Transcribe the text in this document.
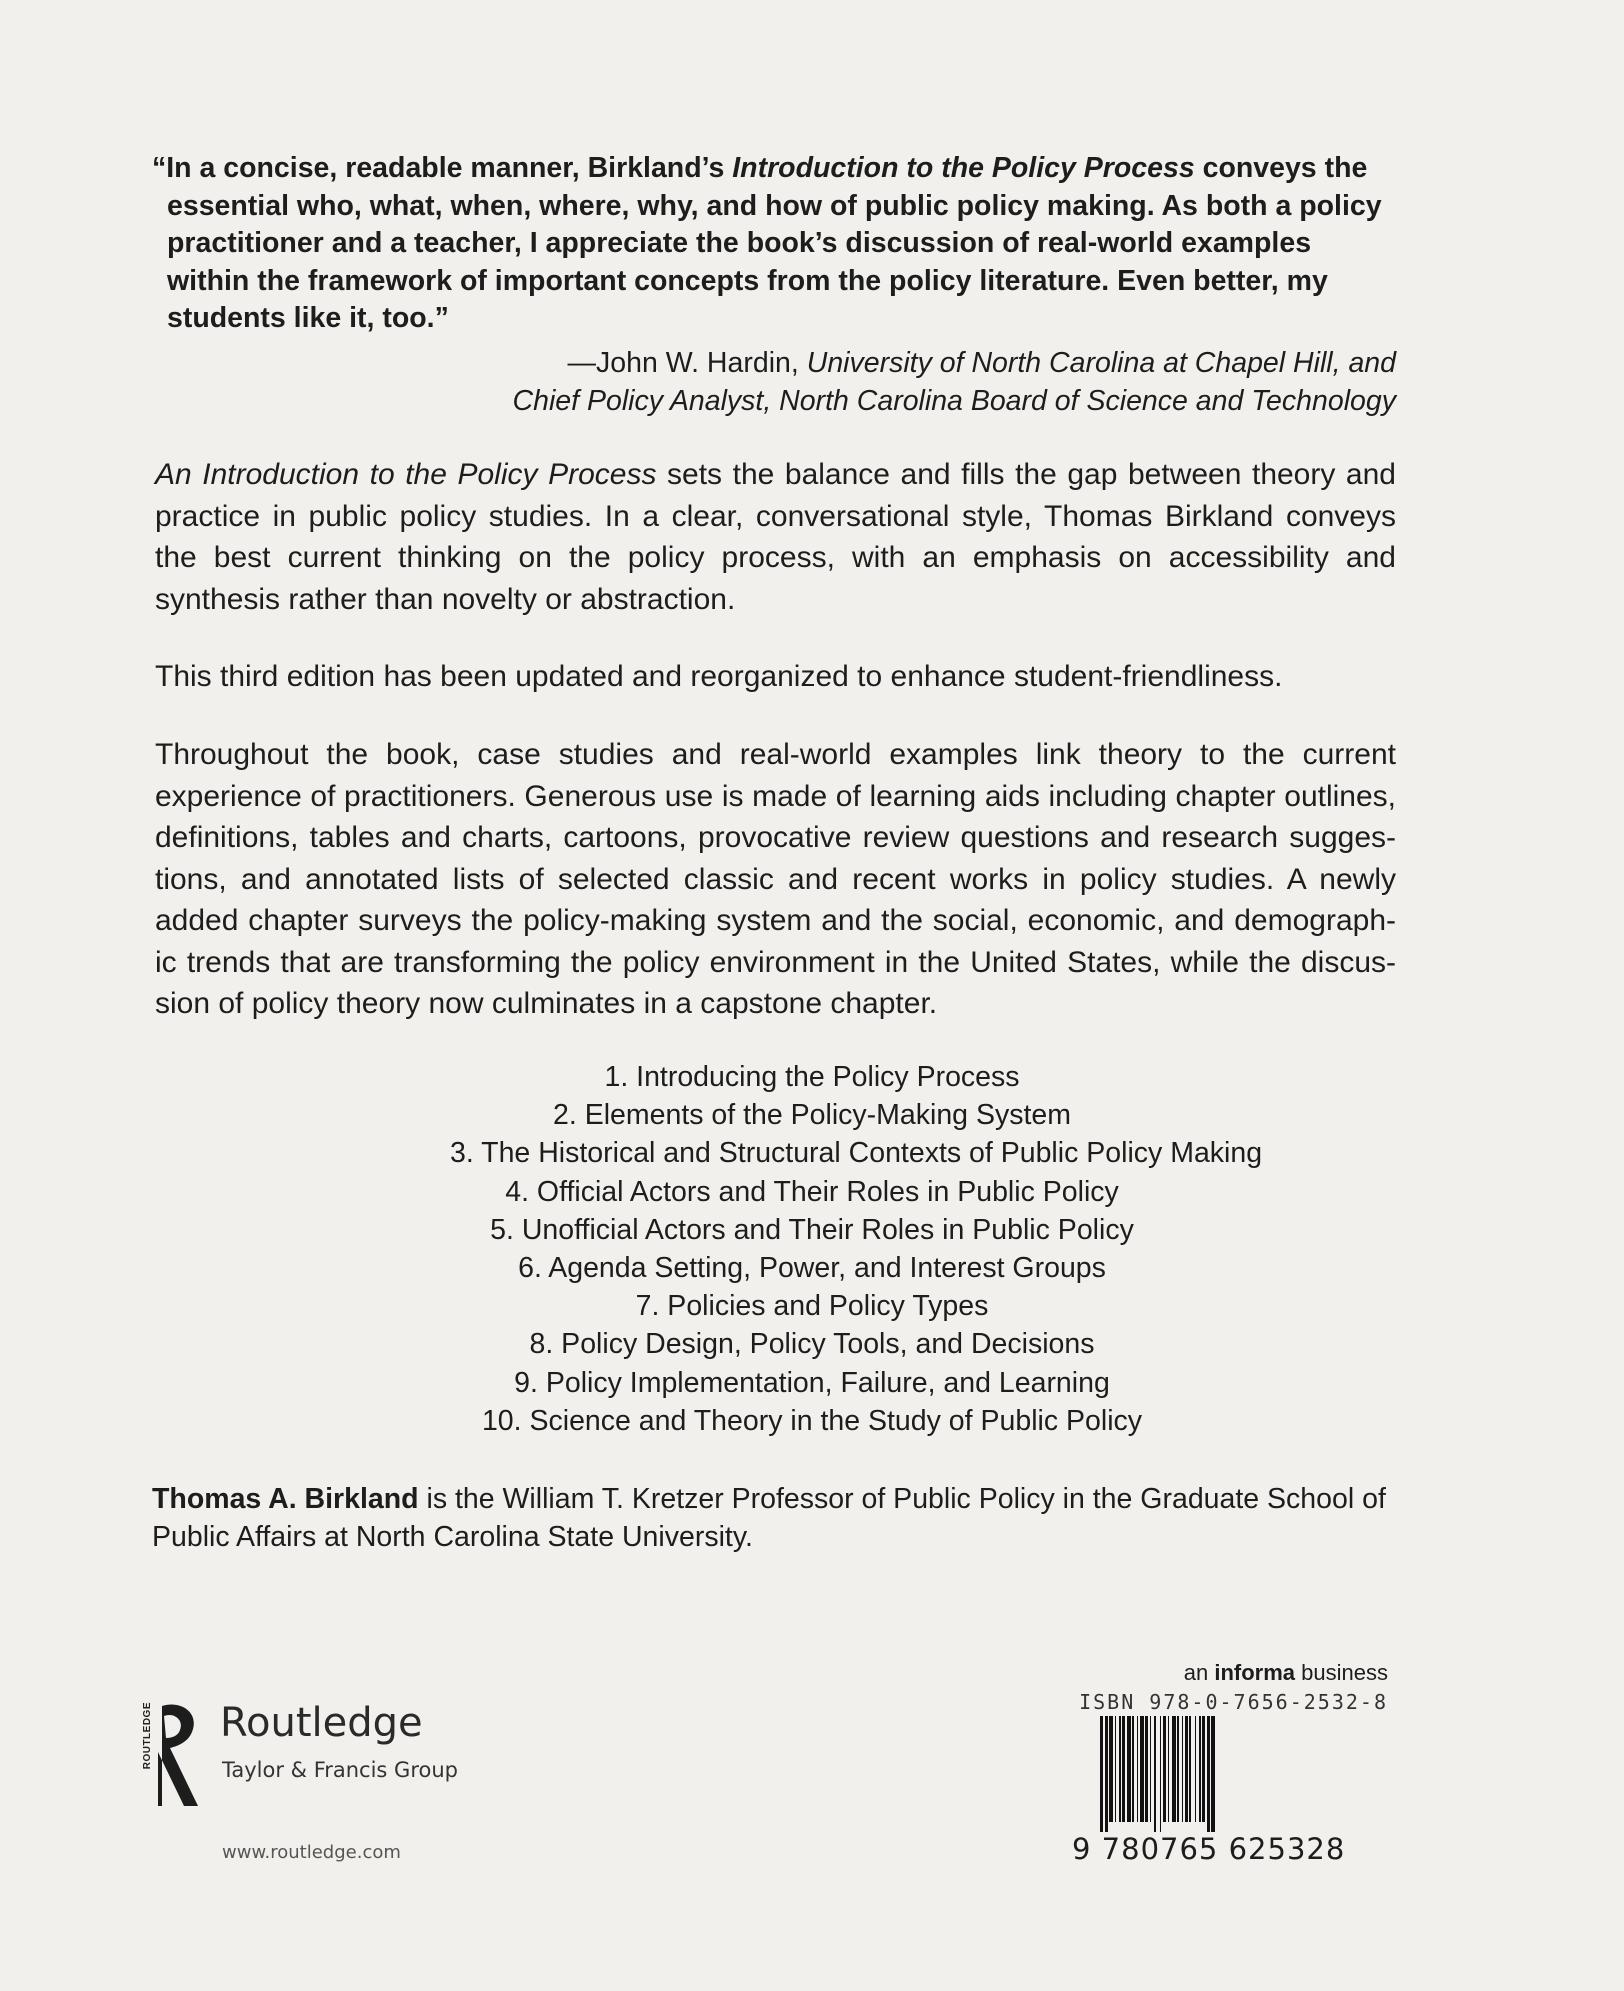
“In a concise, readable manner, Birkland’s Introduction to the Policy Process conveys the
essential who, what, when, where, why, and how of public policy making. As both a policy
practitioner and a teacher, I appreciate the book’s discussion of real-world examples
within the framework of important concepts from the policy literature. Even better, my
students like it, too.”
—John W. Hardin, University of North Carolina at Chapel Hill, and
Chief Policy Analyst, North Carolina Board of Science and Technology
An Introduction to the Policy Process sets the balance and fills the gap between theory and
practice in public policy studies. In a clear, conversational style, Thomas Birkland conveys
the best current thinking on the policy process, with an emphasis on accessibility and
synthesis rather than novelty or abstraction.
This third edition has been updated and reorganized to enhance student-friendliness.
Throughout the book, case studies and real-world examples link theory to the current
experience of practitioners. Generous use is made of learning aids including chapter outlines,
definitions, tables and charts, cartoons, provocative review questions and research sugges-
tions, and annotated lists of selected classic and recent works in policy studies. A newly
added chapter surveys the policy-making system and the social, economic, and demograph-
ic trends that are transforming the policy environment in the United States, while the discus-
sion of policy theory now culminates in a capstone chapter.
1. Introducing the Policy Process
2. Elements of the Policy-Making System
3. The Historical and Structural Contexts of Public Policy Making
4. Official Actors and Their Roles in Public Policy
5. Unofficial Actors and Their Roles in Public Policy
6. Agenda Setting, Power, and Interest Groups
7. Policies and Policy Types
8. Policy Design, Policy Tools, and Decisions
9. Policy Implementation, Failure, and Learning
10. Science and Theory in the Study of Public Policy
Thomas A. Birkland is the William T. Kretzer Professor of Public Policy in the Graduate School of
Public Affairs at North Carolina State University.
ROUTLEDGE Routledge
Taylor & Francis Group
www.routledge.com
an informa business
ISBN 978-0-7656-2532-8
9 780765 625328
